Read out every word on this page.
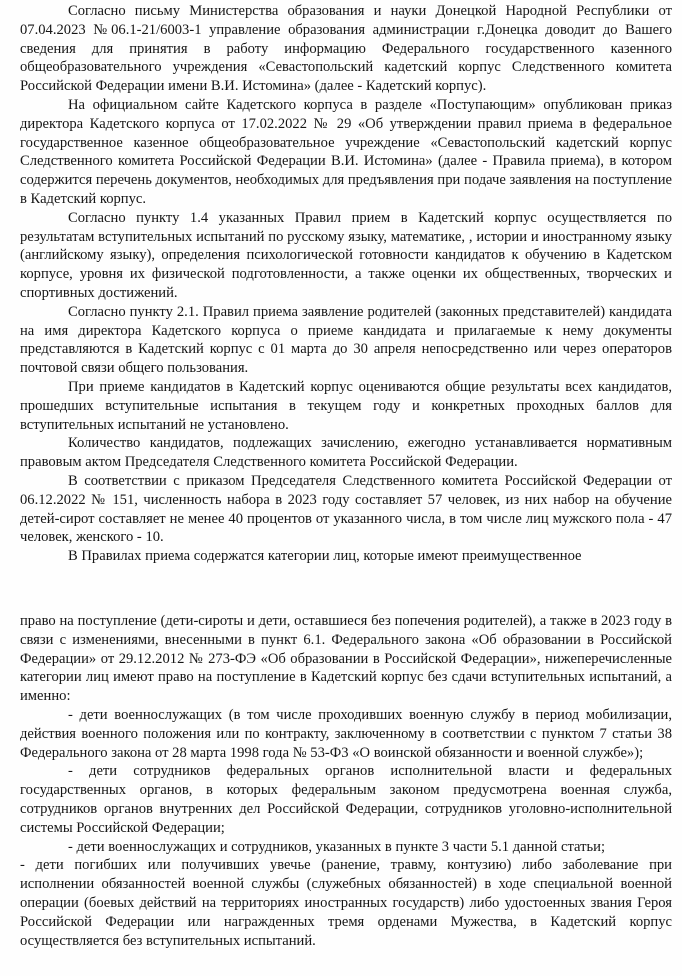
Согласно письму Министерства образования и науки Донецкой Народной Республики от 07.04.2023 №06.1-21/6003-1 управление образования администрации г.Донецка доводит до Вашего сведения для принятия в работу информацию Федерального государственного казенного общеобразовательного учреждения «Севастопольский кадетский корпус Следственного комитета Российской Федерации имени В.И. Истомина» (далее - Кадетский корпус).

На официальном сайте Кадетского корпуса в разделе «Поступающим» опубликован приказ директора Кадетского корпуса от 17.02.2022 № 29 «Об утверждении правил приема в федеральное государственное казенное общеобразовательное учреждение «Севастопольский кадетский корпус Следственного комитета Российской Федерации В.И. Истомина» (далее - Правила приема), в котором содержится перечень документов, необходимых для предъявления при подаче заявления на поступление в Кадетский корпус.

Согласно пункту 1.4 указанных Правил прием в Кадетский корпус осуществляется по результатам вступительных испытаний по русскому языку, математике, , истории и иностранному языку (английскому языку), определения психологической готовности кандидатов к обучению в Кадетском корпусе, уровня их физической подготовленности, а также оценки их общественных, творческих и спортивных достижений.

Согласно пункту 2.1. Правил приема заявление родителей (законных представителей) кандидата на имя директора Кадетского корпуса о приеме кандидата и прилагаемые к нему документы представляются в Кадетский корпус с 01 марта до 30 апреля непосредственно или через операторов почтовой связи общего пользования.

При приеме кандидатов в Кадетский корпус оцениваются общие результаты всех кандидатов, прошедших вступительные испытания в текущем году и конкретных проходных баллов для вступительных испытаний не установлено.

Количество кандидатов, подлежащих зачислению, ежегодно устанавливается нормативным правовым актом Председателя Следственного комитета Российской Федерации.

В соответствии с приказом Председателя Следственного комитета Российской Федерации от 06.12.2022 № 151, численность набора в 2023 году составляет 57 человек, из них набор на обучение детей-сирот составляет не менее 40 процентов от указанного числа, в том числе лиц мужского пола - 47 человек, женского - 10.

В Правилах приема содержатся категории лиц, которые имеют преимущественное

право на поступление (дети-сироты и дети, оставшиеся без попечения родителей), а также в 2023 году в связи с изменениями, внесенными в пункт 6.1. Федерального закона «Об образовании в Российской Федерации» от 29.12.2012 № 273-ФЭ «Об образовании в Российской Федерации», нижеперечисленные категории лиц имеют право на поступление в Кадетский корпус без сдачи вступительных испытаний, а именно:

- дети военнослужащих (в том числе проходивших военную службу в период мобилизации, действия военного положения или по контракту, заключенному в соответствии с пунктом 7 статьи 38 Федерального закона от 28 марта 1998 года № 53-Ф3 «О воинской обязанности и военной службе»);

- дети сотрудников федеральных органов исполнительной власти и федеральных государственных органов, в которых федеральным законом предусмотрена военная служба, сотрудников органов внутренних дел Российской Федерации, сотрудников уголовно-исполнительной системы Российской Федерации;

- дети военнослужащих и сотрудников, указанных в пункте 3 части 5.1 данной статьи;

- дети погибших или получивших увечье (ранение, травму, контузию) либо заболевание при исполнении обязанностей военной службы (служебных обязанностей) в ходе специальной военной операции (боевых действий на территориях иностранных государств) либо удостоенных звания Героя Российской Федерации или награжденных тремя орденами Мужества, в Кадетский корпус осуществляется без вступительных испытаний.
